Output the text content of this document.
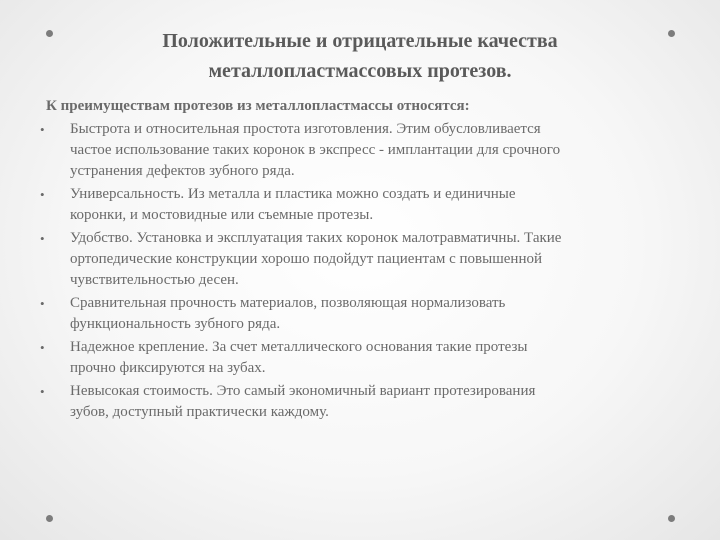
Положительные и отрицательные качества
металлопластмассовых протезов.
К преимуществам протезов из металлопластмассы относятся:
• Быстрота и относительная простота изготовления. Этим обусловливается
частое использование таких коронок в экспресс - имплантации для срочного
устранения дефектов зубного ряда.
• Универсальность. Из металла и пластика можно создать и единичные
коронки, и мостовидные или съемные протезы.
• Удобство. Установка и эксплуатация таких коронок малотравматичны. Такие
ортопедические конструкции хорошо подойдут пациентам с повышенной
чувствительностью десен.
• Сравнительная прочность материалов, позволяющая нормализовать
функциональность зубного ряда.
• Надежное крепление. За счет металлического основания такие протезы
прочно фиксируются на зубах.
• Невысокая стоимость. Это самый экономичный вариант протезирования
зубов, доступный практически каждому.
